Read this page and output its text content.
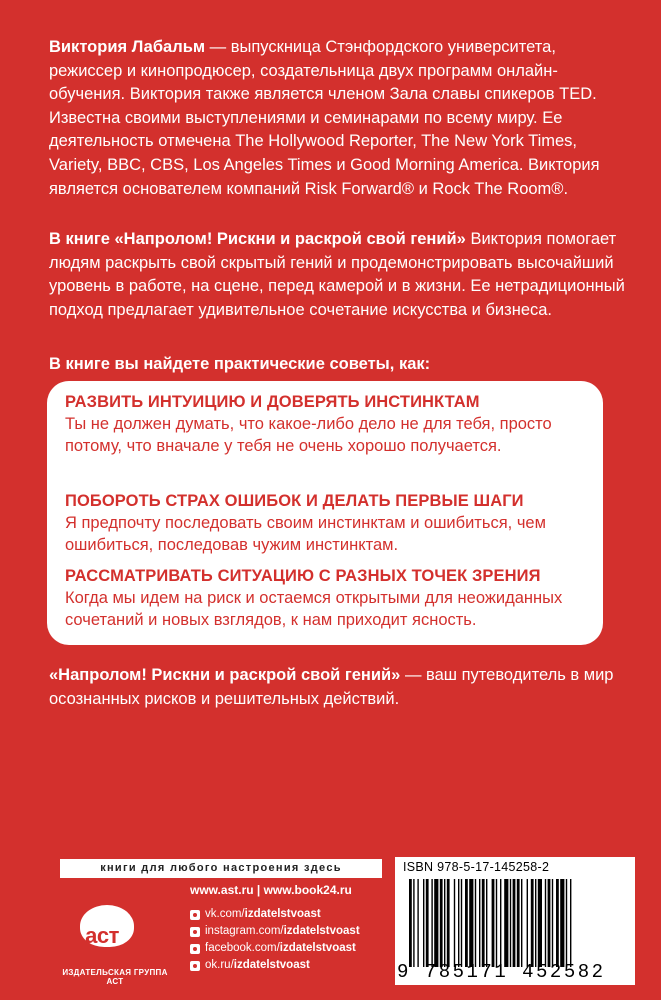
Виктория Лабальм — выпускница Стэнфордского университета, режиссер и кинопродюсер, создательница двух программ онлайн-обучения. Виктория также является членом Зала славы спикеров TED. Известна своими выступлениями и семинарами по всему миру. Ее деятельность отмечена The Hollywood Reporter, The New York Times, Variety, BBC, CBS, Los Angeles Times и Good Morning America. Виктория является основателем компаний Risk Forward® и Rock The Room®.
В книге «Напролом! Рискни и раскрой свой гений» Виктория помогает людям раскрыть свой скрытый гений и продемонстрировать высочайший уровень в работе, на сцене, перед камерой и в жизни. Ее нетрадиционный подход предлагает удивительное сочетание искусства и бизнеса.
В книге вы найдете практические советы, как:
РАЗВИТЬ ИНТУИЦИЮ И ДОВЕРЯТЬ ИНСТИНКТАМ
Ты не должен думать, что какое-либо дело не для тебя, просто потому, что вначале у тебя не очень хорошо получается.
ПОБОРОТЬ СТРАХ ОШИБОК И ДЕЛАТЬ ПЕРВЫЕ ШАГИ
Я предпочту последовать своим инстинктам и ошибиться, чем ошибиться, последовав чужим инстинктам.
РАССМАТРИВАТЬ СИТУАЦИЮ С РАЗНЫХ ТОЧЕК ЗРЕНИЯ
Когда мы идем на риск и остаемся открытыми для неожиданных сочетаний и новых взглядов, к нам приходит ясность.
«Напролом! Рискни и раскрой свой гений» — ваш путеводитель в мир осознанных рисков и решительных действий.
книги для любого настроения здесь
аст
ИЗДАТЕЛЬСКАЯ ГРУППА АСТ
www.ast.ru | www.book24.ru
vk.com/ izdatelstvoast
instagram.com/ izdatelstvoast
facebook.com/ izdatelstvoast
ok.ru/ izdatelstvoast
ISBN 978-5-17-145258-2
9 785171 452582
